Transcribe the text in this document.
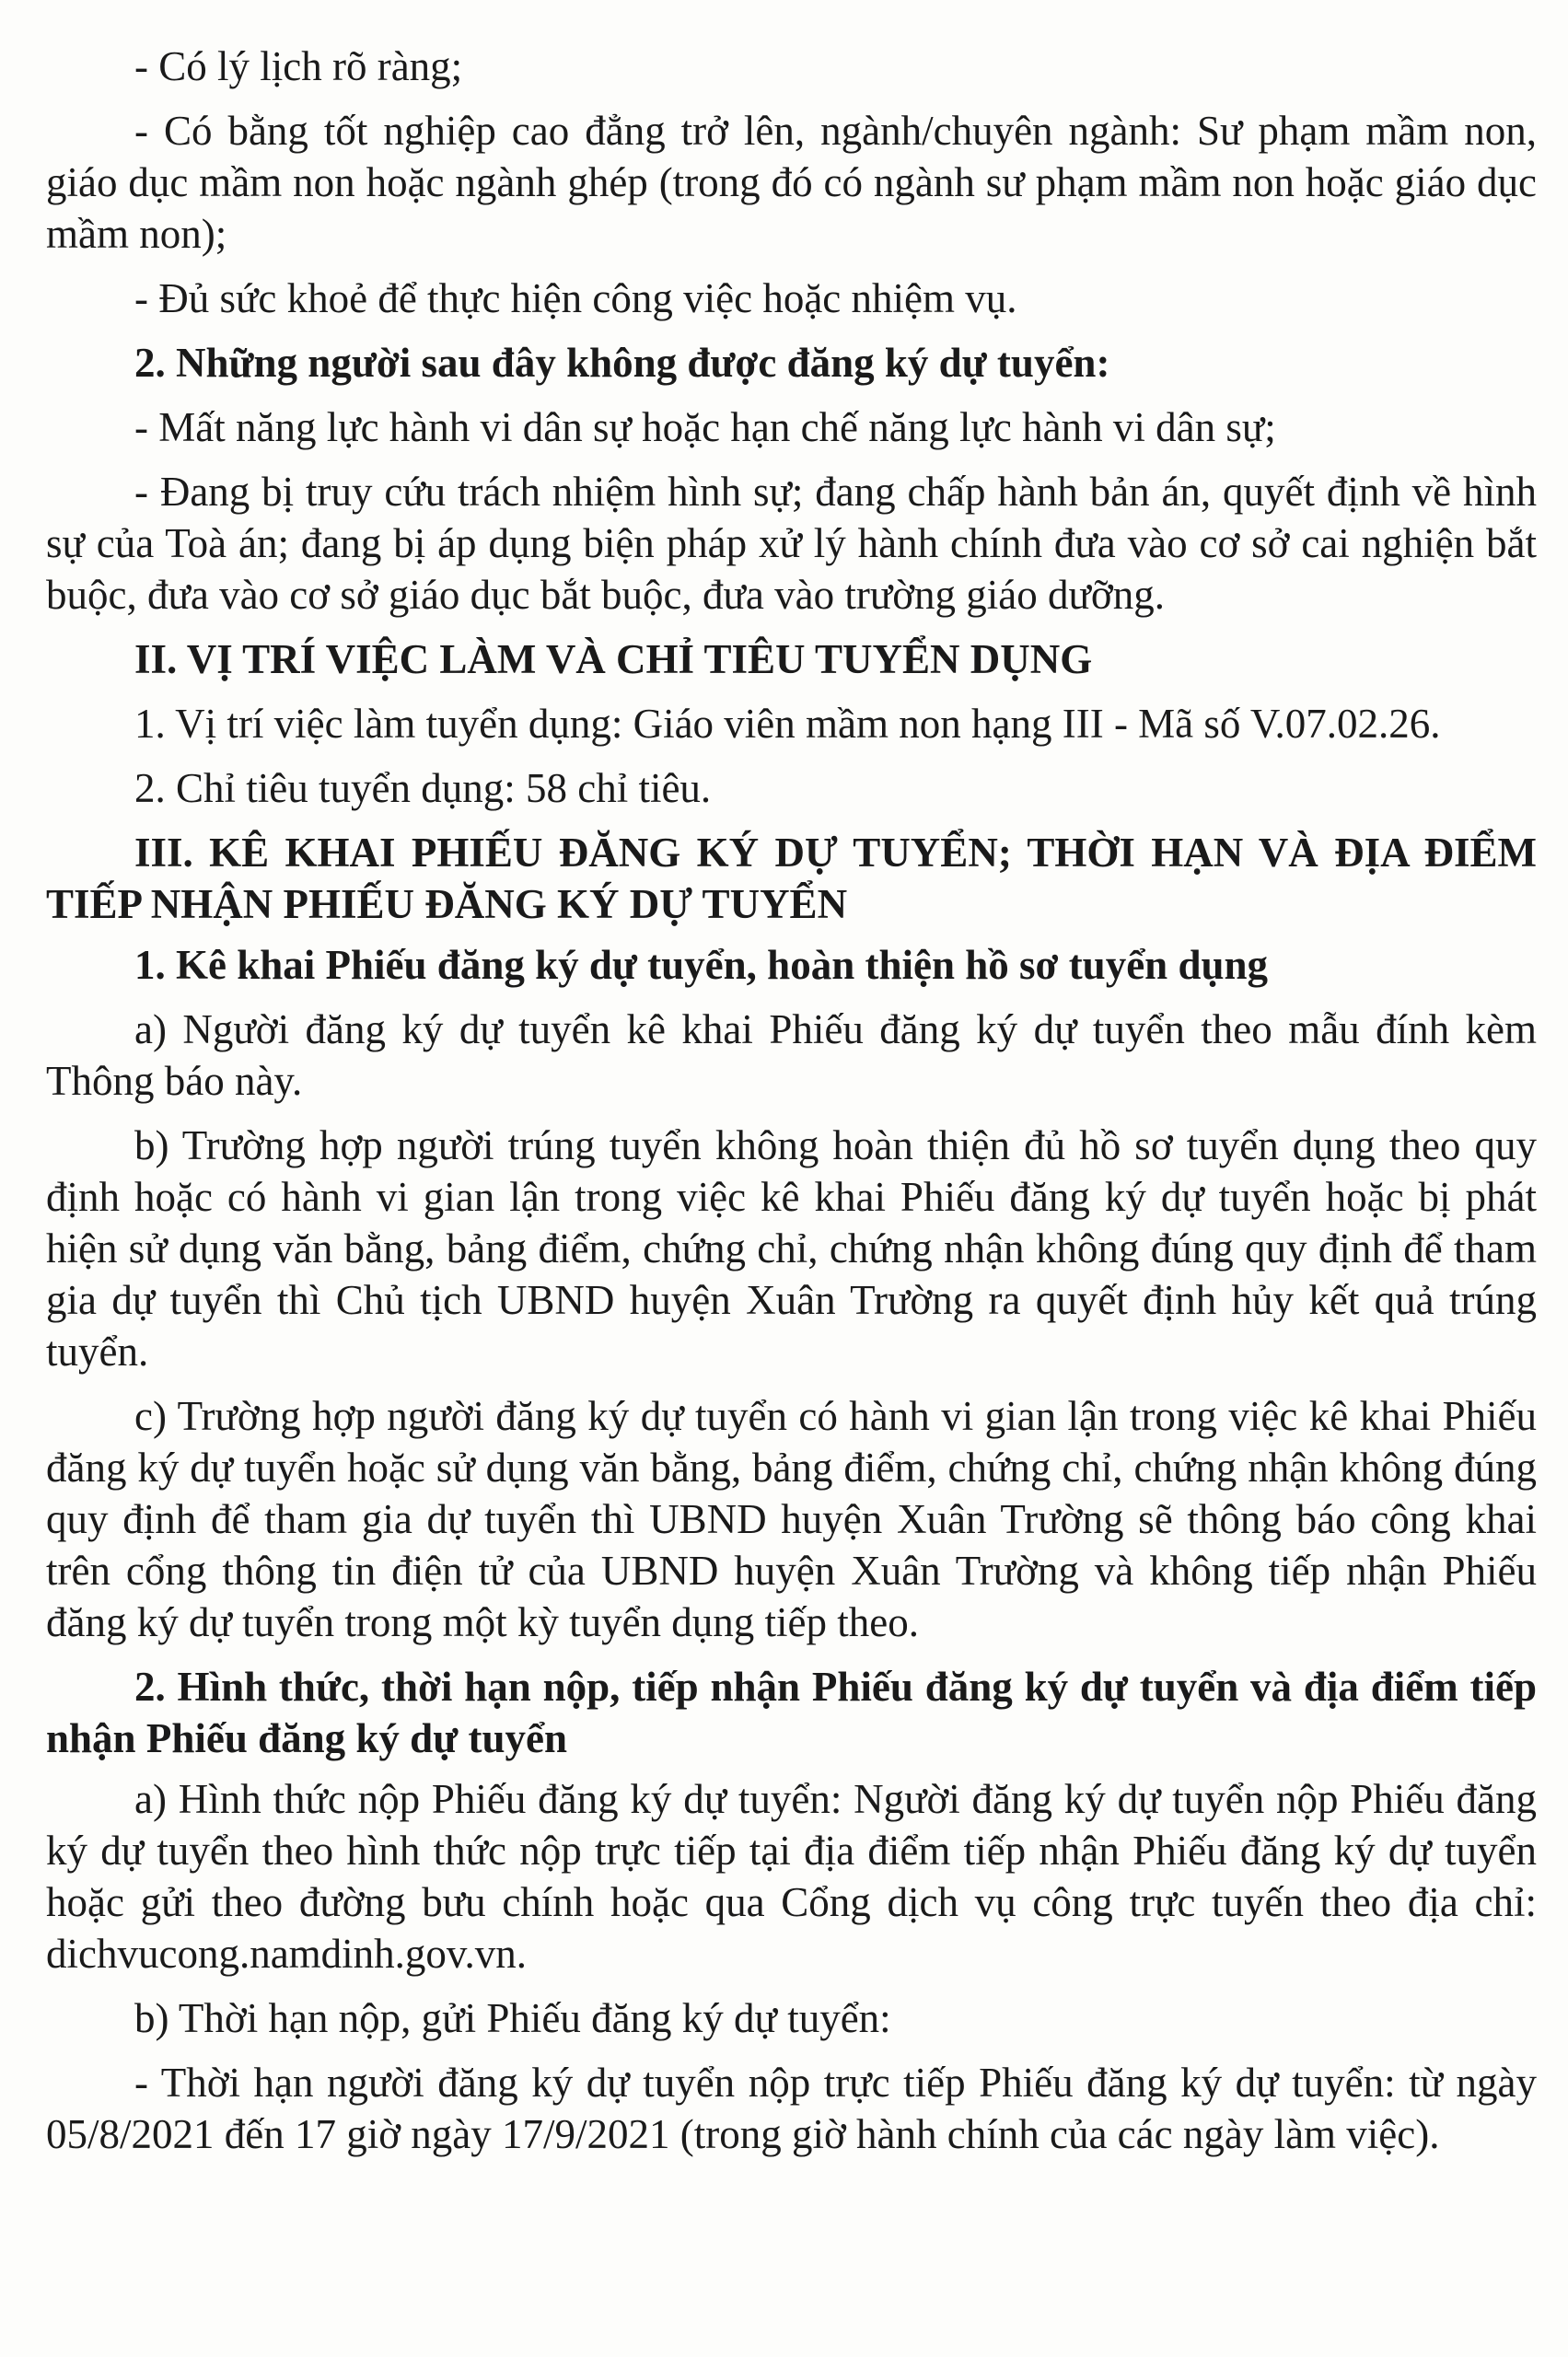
- Có lý lịch rõ ràng;

- Có bằng tốt nghiệp cao đẳng trở lên, ngành/chuyên ngành: Sư phạm mầm non, giáo dục mầm non hoặc ngành ghép (trong đó có ngành sư phạm mầm non hoặc giáo dục mầm non);

- Đủ sức khoẻ để thực hiện công việc hoặc nhiệm vụ.

2. Những người sau đây không được đăng ký dự tuyển:

- Mất năng lực hành vi dân sự hoặc hạn chế năng lực hành vi dân sự;

- Đang bị truy cứu trách nhiệm hình sự; đang chấp hành bản án, quyết định về hình sự của Toà án; đang bị áp dụng biện pháp xử lý hành chính đưa vào cơ sở cai nghiện bắt buộc, đưa vào cơ sở giáo dục bắt buộc, đưa vào trường giáo dưỡng.

II. VỊ TRÍ VIỆC LÀM VÀ CHỈ TIÊU TUYỂN DỤNG

1. Vị trí việc làm tuyển dụng: Giáo viên mầm non hạng III - Mã số V.07.02.26.

2. Chỉ tiêu tuyển dụng: 58 chỉ tiêu.

III. KÊ KHAI PHIẾU ĐĂNG KÝ DỰ TUYỂN; THỜI HẠN VÀ ĐỊA ĐIỂM TIẾP NHẬN PHIẾU ĐĂNG KÝ DỰ TUYỂN

1. Kê khai Phiếu đăng ký dự tuyển, hoàn thiện hồ sơ tuyển dụng

a) Người đăng ký dự tuyển kê khai Phiếu đăng ký dự tuyển theo mẫu đính kèm Thông báo này.

b) Trường hợp người trúng tuyển không hoàn thiện đủ hồ sơ tuyển dụng theo quy định hoặc có hành vi gian lận trong việc kê khai Phiếu đăng ký dự tuyển hoặc bị phát hiện sử dụng văn bằng, bảng điểm, chứng chỉ, chứng nhận không đúng quy định để tham gia dự tuyển thì Chủ tịch UBND huyện Xuân Trường ra quyết định hủy kết quả trúng tuyển.

c) Trường hợp người đăng ký dự tuyển có hành vi gian lận trong việc kê khai Phiếu đăng ký dự tuyển hoặc sử dụng văn bằng, bảng điểm, chứng chỉ, chứng nhận không đúng quy định để tham gia dự tuyển thì UBND huyện Xuân Trường sẽ thông báo công khai trên cổng thông tin điện tử của UBND huyện Xuân Trường và không tiếp nhận Phiếu đăng ký dự tuyển trong một kỳ tuyển dụng tiếp theo.

2. Hình thức, thời hạn nộp, tiếp nhận Phiếu đăng ký dự tuyển và địa điểm tiếp nhận Phiếu đăng ký dự tuyển

a) Hình thức nộp Phiếu đăng ký dự tuyển: Người đăng ký dự tuyển nộp Phiếu đăng ký dự tuyển theo hình thức nộp trực tiếp tại địa điểm tiếp nhận Phiếu đăng ký dự tuyển hoặc gửi theo đường bưu chính hoặc qua Cổng dịch vụ công trực tuyến theo địa chỉ: dichvucong.namdinh.gov.vn.

b) Thời hạn nộp, gửi Phiếu đăng ký dự tuyển:

- Thời hạn người đăng ký dự tuyển nộp trực tiếp Phiếu đăng ký dự tuyển: từ ngày 05/8/2021 đến 17 giờ ngày 17/9/2021 (trong giờ hành chính của các ngày làm việc).
